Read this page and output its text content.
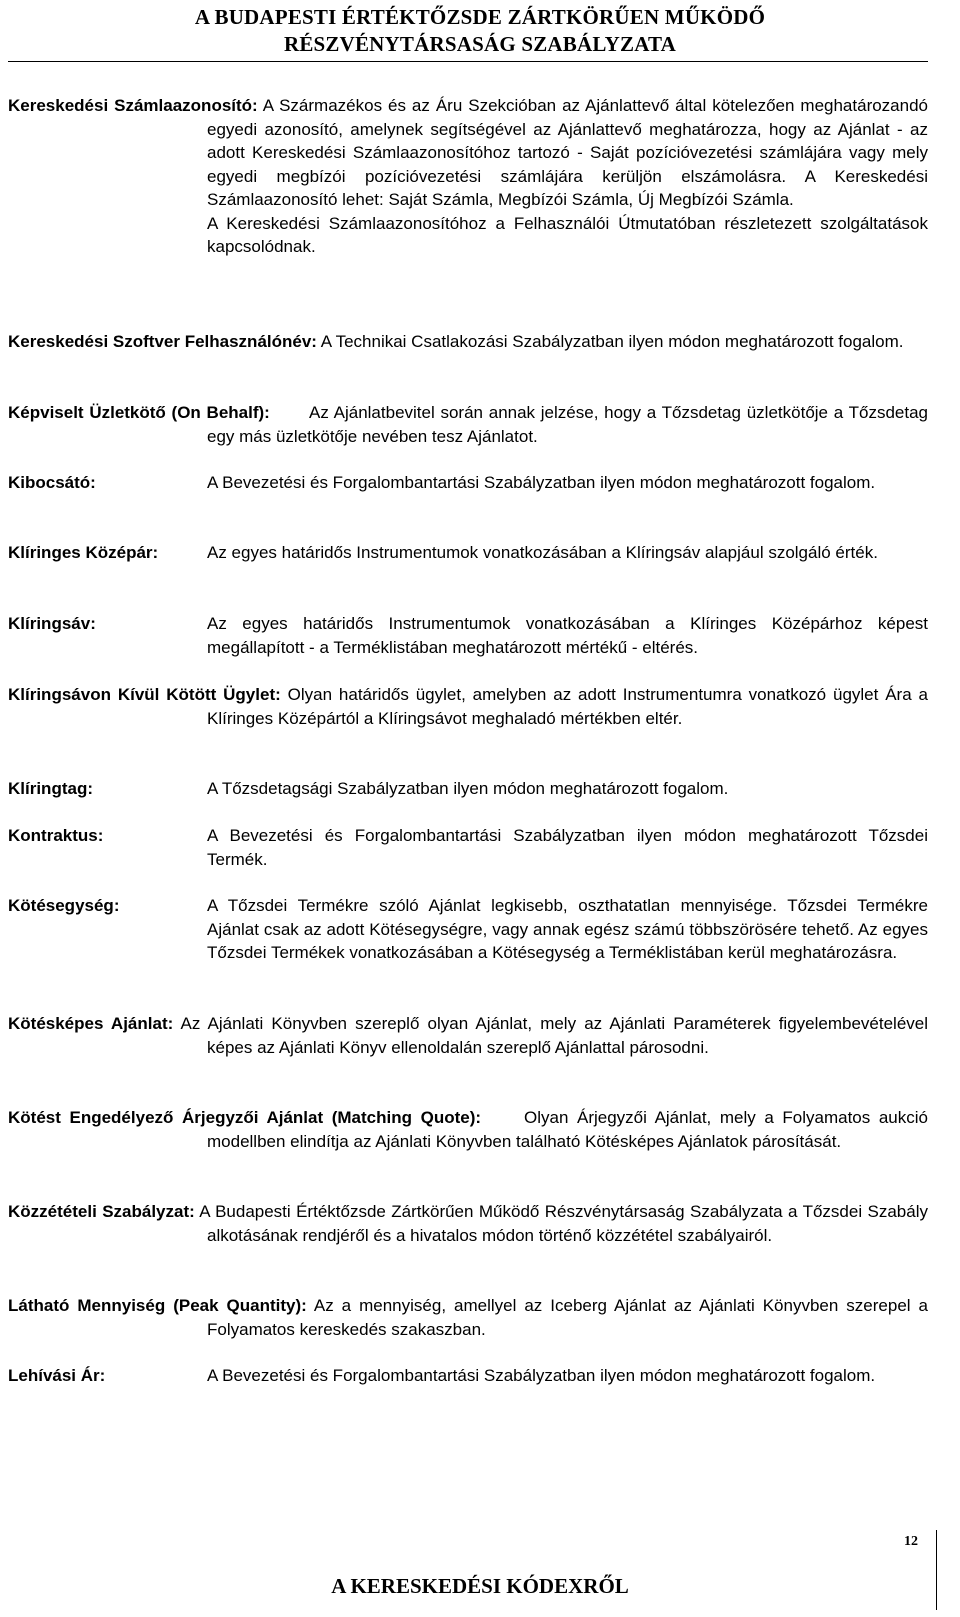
A BUDAPESTI ÉRTÉKTŐZSDE ZÁRTKÖRŰEN MŰKÖDŐ
RÉSZVÉNYTÁRSASÁG SZABÁLYZATA

Kereskedési Számlaazonosító: A Származékos és az Áru Szekcióban az Ajánlattevő által kötelezően meghatározandó egyedi azonosító, amelynek segítségével az Ajánlattevő meghatározza, hogy az Ajánlat - az adott Kereskedési Számlaazonosítóhoz tartozó - Saját pozícióvezetési számlájára vagy mely egyedi megbízói pozícióvezetési számlájára kerüljön elszámolásra. A Kereskedési Számlaazonosító lehet: Saját Számla, Megbízói Számla, Új Megbízói Számla.

A Kereskedési Számlaazonosítóhoz a Felhasználói Útmutatóban részletezett szolgáltatások kapcsolódnak.

Kereskedési Szoftver Felhasználónév: A Technikai Csatlakozási Szabályzatban ilyen módon meghatározott fogalom.

Képviselt Üzletkötő (On Behalf): Az Ajánlatbevitel során annak jelzése, hogy a Tőzsdetag üzletkötője a Tőzsdetag egy más üzletkötője nevében tesz Ajánlatot.

Kibocsátó:	A Bevezetési és Forgalombantartási Szabályzatban ilyen módon meghatározott fogalom.
Klíringes Középár:	Az egyes határidős Instrumentumok vonatkozásában a Klíringsáv alapjául szolgáló érték.
Klíringsáv:	Az egyes határidős Instrumentumok vonatkozásában a Klíringes Középárhoz képest megállapított - a Terméklistában meghatározott mértékű - eltérés.

Klíringsávon Kívül Kötött Ügylet: Olyan határidős ügylet, amelyben az adott Instrumentumra vonatkozó ügylet Ára a Klíringes Középártól a Klíringsávot meghaladó mértékben eltér.

Klíringtag:	A Tőzsdetagsági Szabályzatban ilyen módon meghatározott fogalom.
Kontraktus:	A Bevezetési és Forgalombantartási Szabályzatban ilyen módon meghatározott Tőzsdei Termék.
Kötésegység:	A Tőzsdei Termékre szóló Ajánlat legkisebb, oszthatatlan mennyisége. Tőzsdei Termékre Ajánlat csak az adott Kötésegységre, vagy annak egész számú többszörösére tehető. Az egyes Tőzsdei Termékek vonatkozásában a Kötésegység a Terméklistában kerül meghatározásra.

Kötésképes Ajánlat: Az Ajánlati Könyvben szereplő olyan Ajánlat, mely az Ajánlati Paraméterek figyelembevételével képes az Ajánlati Könyv ellenoldalán szereplő Ajánlattal párosodni.

Kötést Engedélyező Árjegyzői Ajánlat (Matching Quote):	Olyan Árjegyzői Ajánlat, mely a Folyamatos aukció modellben elindítja az Ajánlati Könyvben található Kötésképes Ajánlatok párosítását.

Közzétételi Szabályzat: A Budapesti Értéktőzsde Zártkörűen Működő Részvénytársaság Szabályzata a Tőzsdei Szabály alkotásának rendjéről és a hivatalos módon történő közzététel szabályairól.

Látható Mennyiség (Peak Quantity): Az a mennyiség, amellyel az Iceberg Ajánlat az Ajánlati Könyvben szerepel a Folyamatos kereskedés szakaszban.

Lehívási Ár:	A Bevezetési és Forgalombantartási Szabályzatban ilyen módon meghatározott fogalom.
12
A KERESKEDÉSI KÓDEXRŐL
